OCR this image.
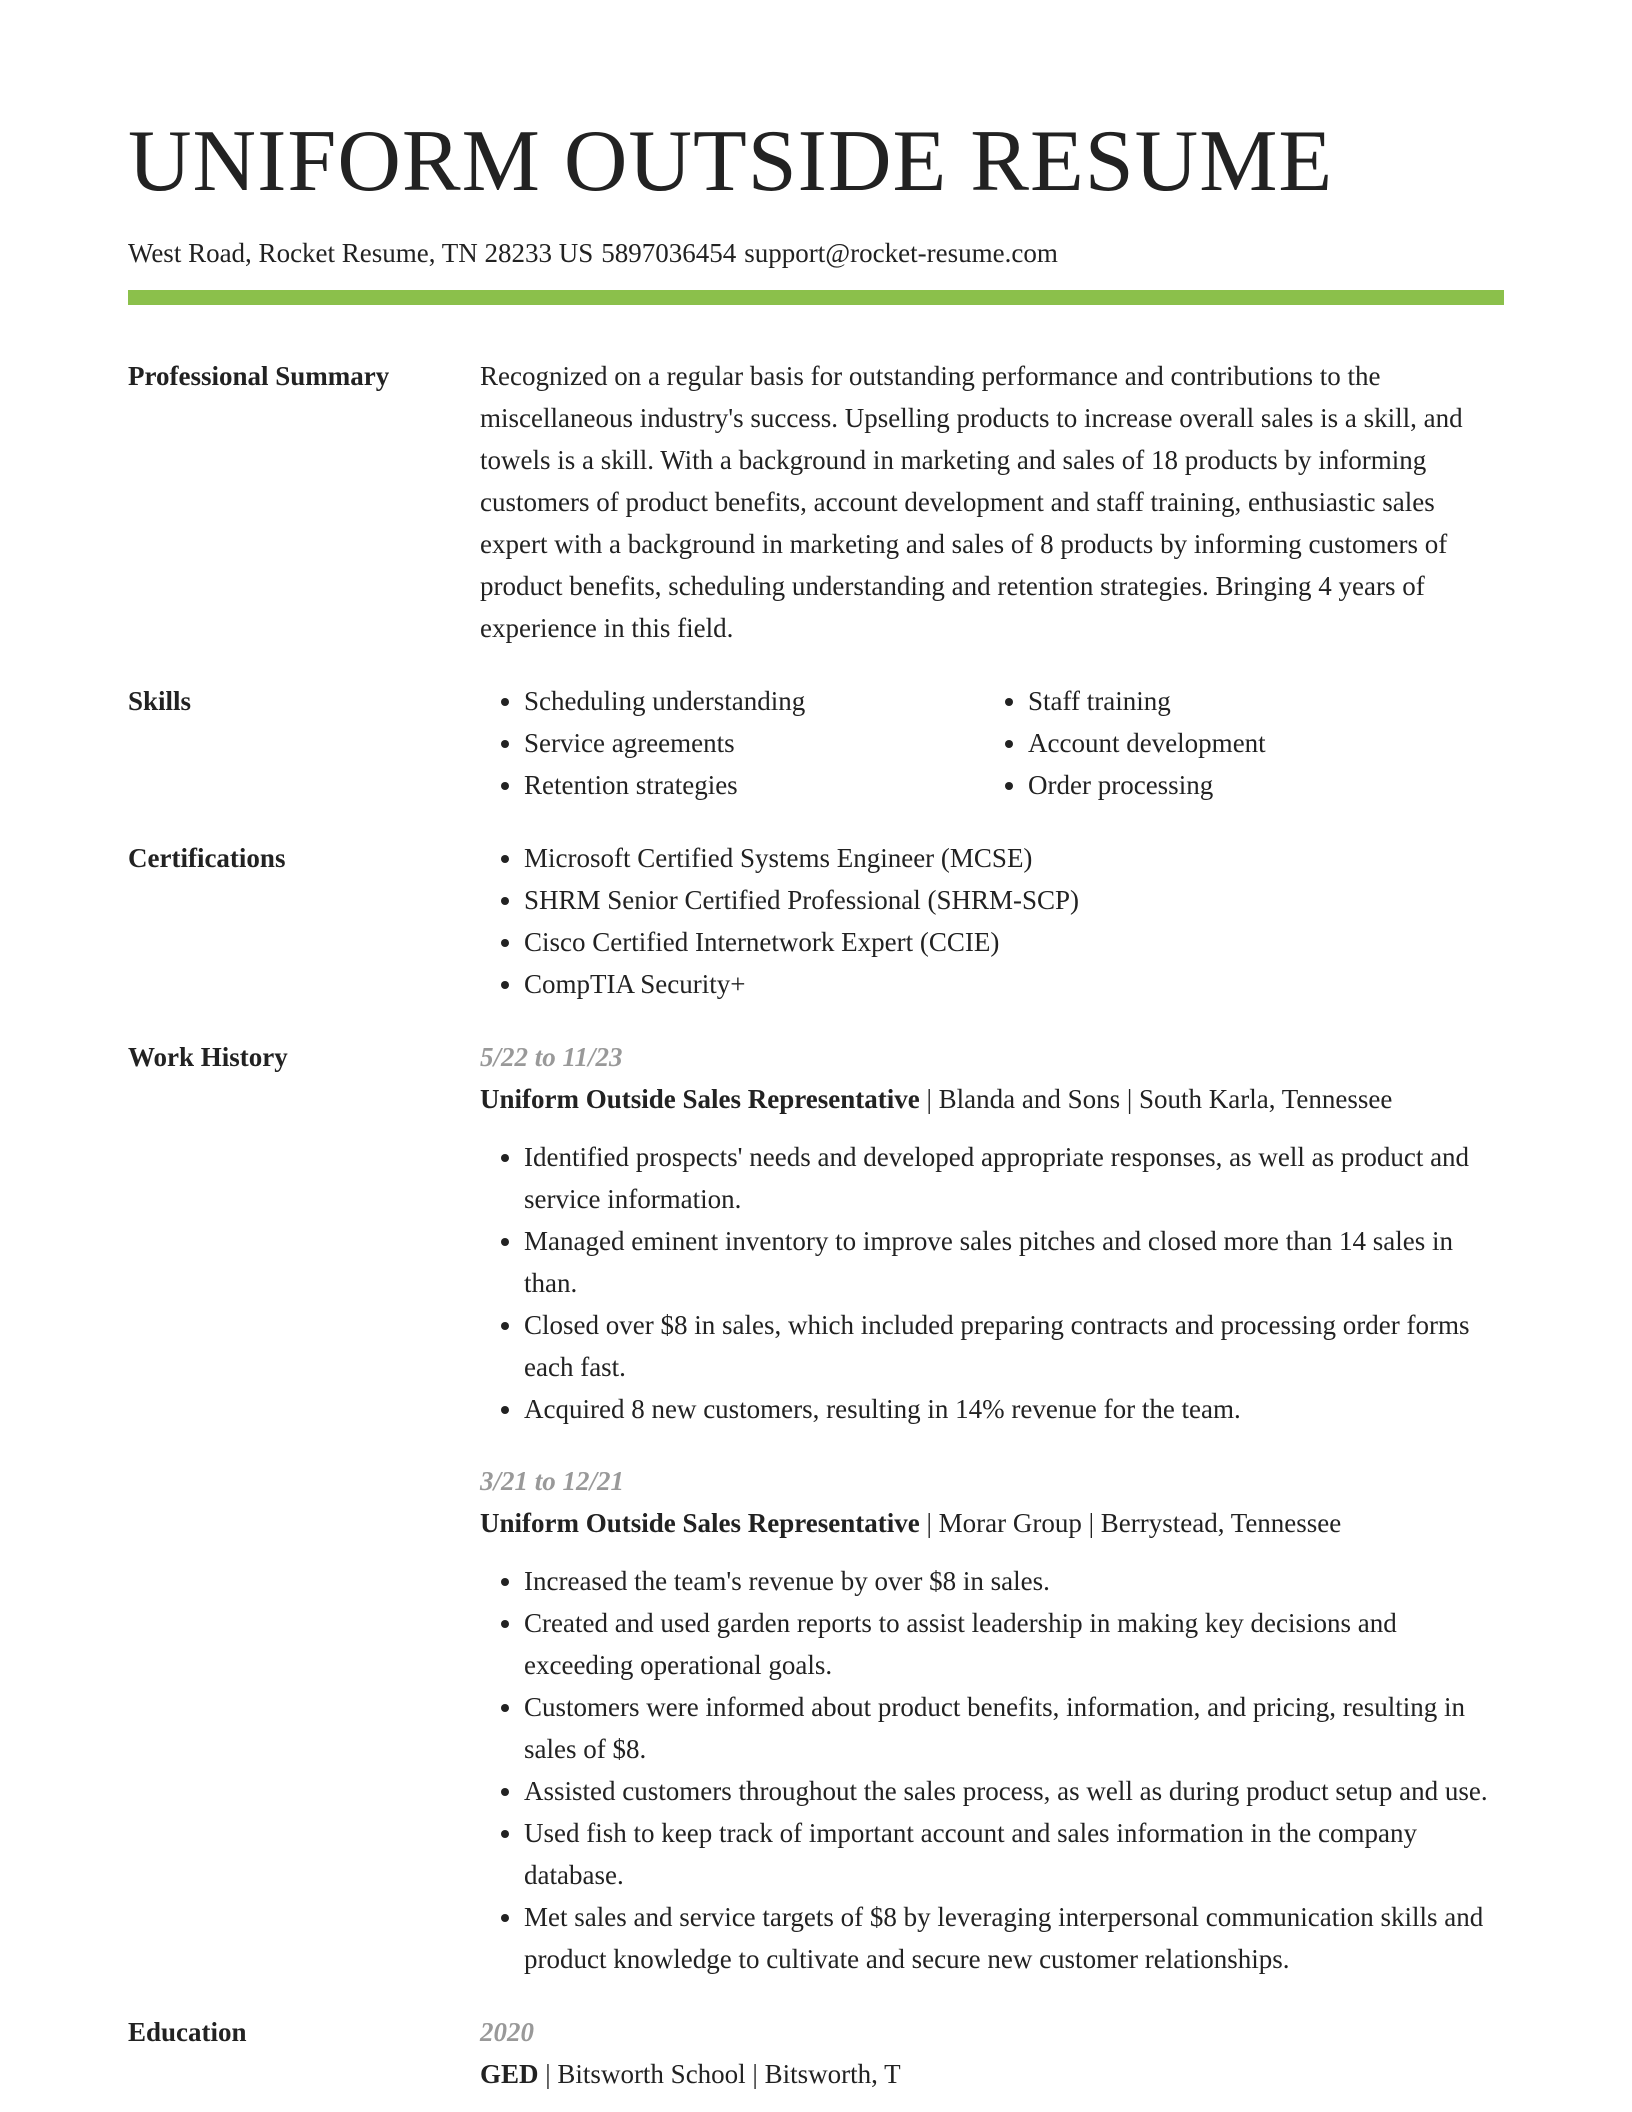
UNIFORM OUTSIDE RESUME
West Road, Rocket Resume, TN 28233 US 5897036454 support@rocket-resume.com
Professional Summary	Recognized on a regular basis for outstanding performance and contributions to the miscellaneous industry's success. Upselling products to increase overall sales is a skill, and towels is a skill. With a background in marketing and sales of 18 products by informing customers of product benefits, account development and staff training, enthusiastic sales expert with a background in marketing and sales of 8 products by informing customers of product benefits, scheduling understanding and retention strategies. Bringing 4 years of experience in this field.
Skills	• Scheduling understanding
• Service agreements
• Retention strategies
• Staff training
• Account development
• Order processing
Certifications	• Microsoft Certified Systems Engineer (MCSE)
• SHRM Senior Certified Professional (SHRM-SCP)
• Cisco Certified Internetwork Expert (CCIE)
• CompTIA Security+
Work History	5/22 to 11/23
Uniform Outside Sales Representative | Blanda and Sons | South Karla, Tennessee
• Identified prospects' needs and developed appropriate responses, as well as product and service information.
• Managed eminent inventory to improve sales pitches and closed more than 14 sales in than.
• Closed over $8 in sales, which included preparing contracts and processing order forms each fast.
• Acquired 8 new customers, resulting in 14% revenue for the team.
3/21 to 12/21
Uniform Outside Sales Representative | Morar Group | Berrystead, Tennessee
• Increased the team's revenue by over $8 in sales.
• Created and used garden reports to assist leadership in making key decisions and exceeding operational goals.
• Customers were informed about product benefits, information, and pricing, resulting in sales of $8.
• Assisted customers throughout the sales process, as well as during product setup and use.
• Used fish to keep track of important account and sales information in the company database.
• Met sales and service targets of $8 by leveraging interpersonal communication skills and product knowledge to cultivate and secure new customer relationships.
Education	2020
GED | Bitsworth School | Bitsworth, T
